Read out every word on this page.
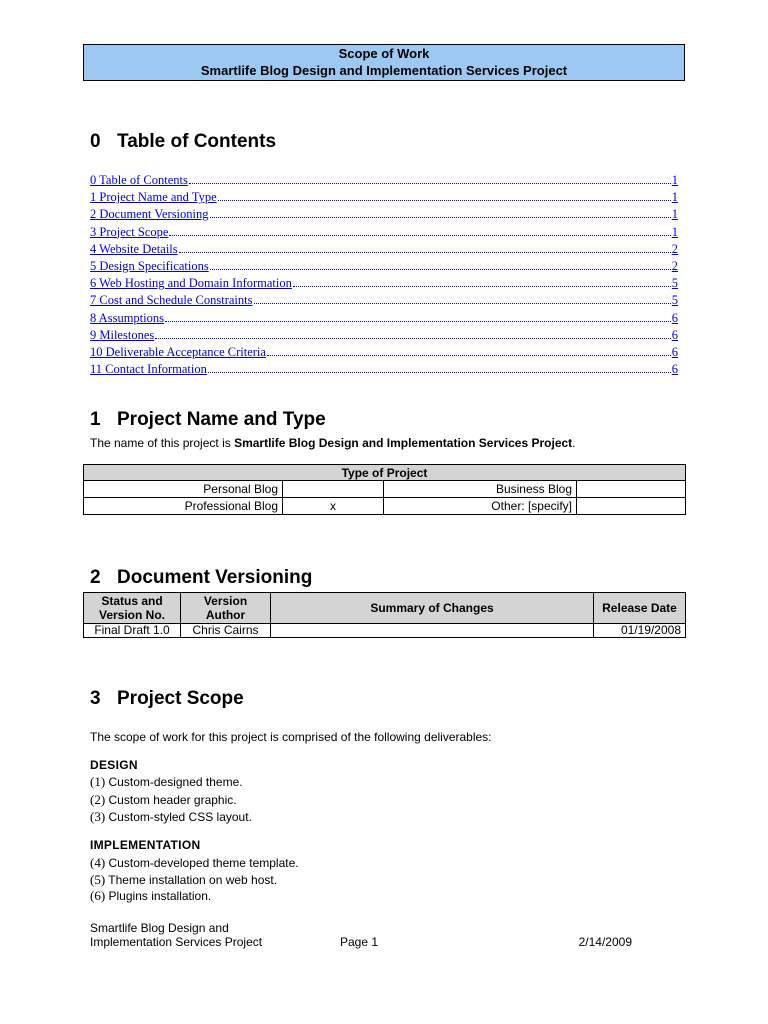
Scope of Work
Smartlife Blog Design and Implementation Services Project
0 Table of Contents
0 Table of Contents	1
1 Project Name and Type	1
2 Document Versioning	1
3 Project Scope	1
4 Website Details	2
5 Design Specifications	2
6 Web Hosting and Domain Information	5
7 Cost and Schedule Constraints	5
8 Assumptions	6
9 Milestones	6
10 Deliverable Acceptance Criteria	6
11 Contact Information	6
1 Project Name and Type
The name of this project is Smartlife Blog Design and Implementation Services Project.
Type of Project			
Personal Blog		Business Blog	
Professional Blog	x	Other: [specify]	
2 Document Versioning
Status and Version No.	Version Author	Summary of Changes	Release Date
Final Draft 1.0	Chris Cairns		01/19/2008
3 Project Scope
The scope of work for this project is comprised of the following deliverables:
DESIGN
(1) Custom-designed theme.
(2) Custom header graphic.
(3) Custom-styled CSS layout.
IMPLEMENTATION
(4) Custom-developed theme template.
(5) Theme installation on web host.
(6) Plugins installation.
Smartlife Blog Design and
Implementation Services Project	Page 1	2/14/2009
